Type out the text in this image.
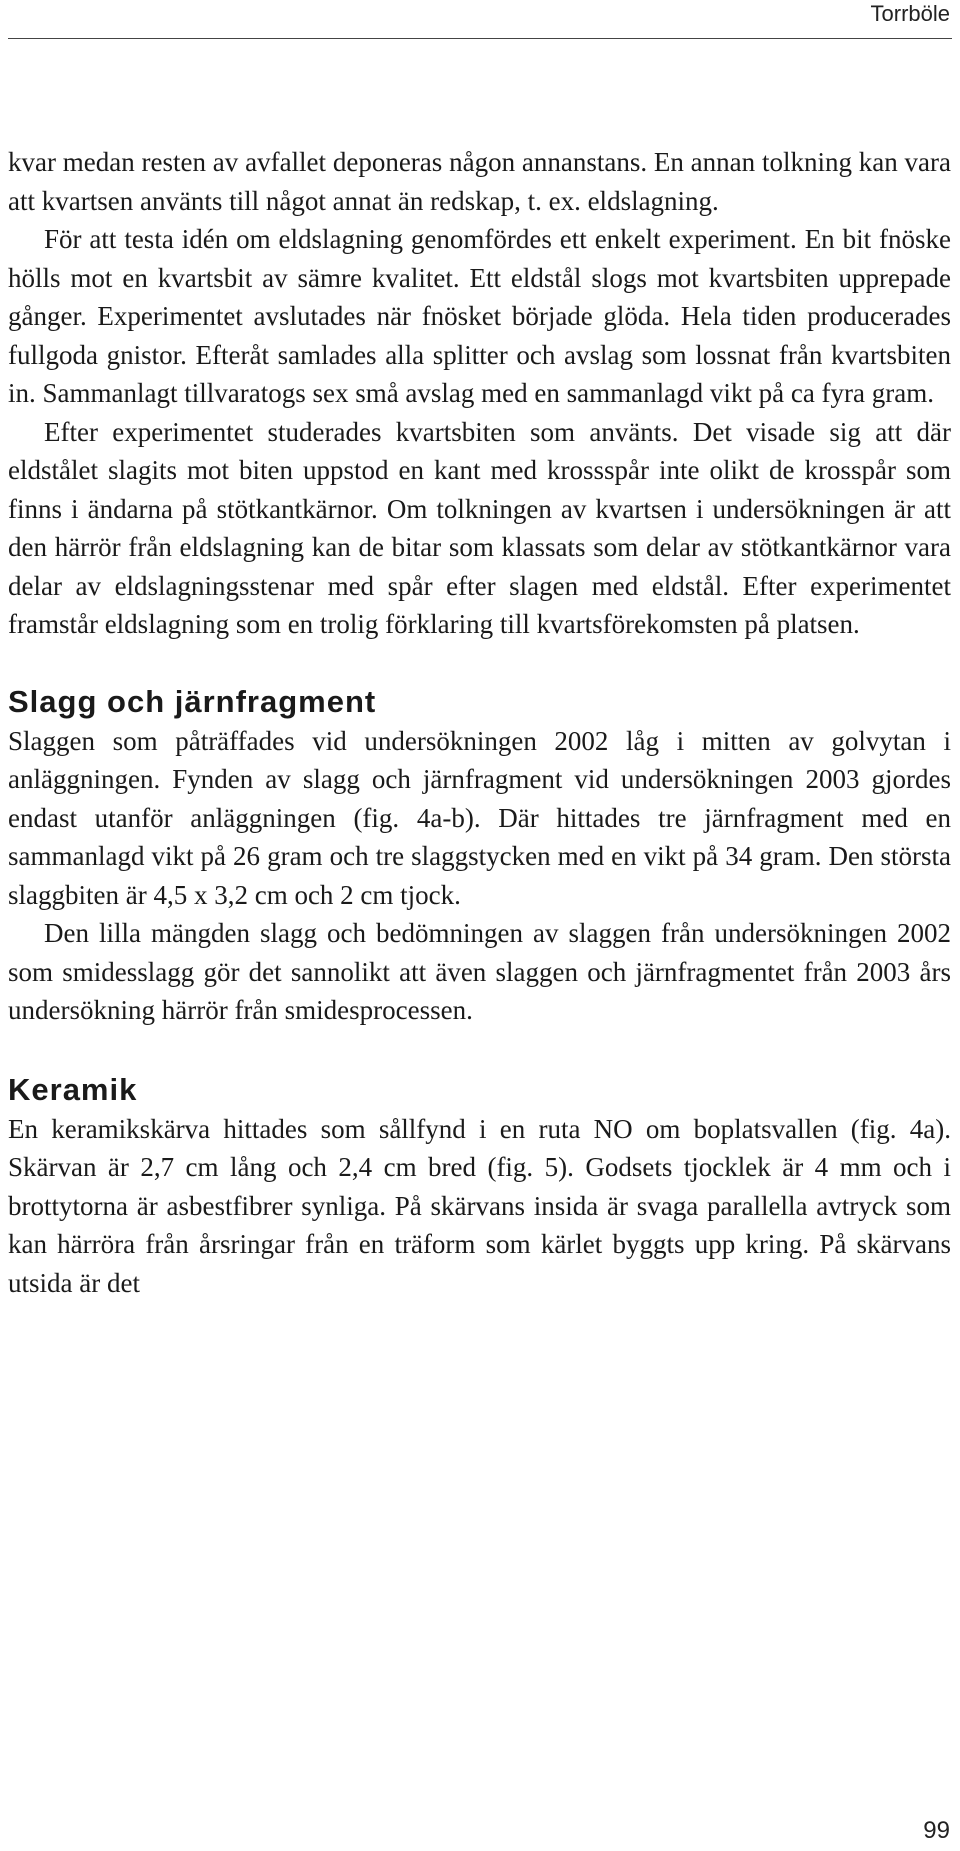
Torrböle

kvar medan resten av avfallet deponeras någon annanstans. En annan tolkning kan vara att kvartsen använts till något annat än redskap, t. ex. eldslagning.

För att testa idén om eldslagning genomfördes ett enkelt experiment. En bit fnöske hölls mot en kvartsbit av sämre kvalitet. Ett eldstål slogs mot kvartsbiten upprepade gånger. Experimentet avslutades när fnösket började glöda. Hela tiden producerades fullgoda gnistor. Efteråt samlades alla splitter och avslag som lossnat från kvartsbiten in. Sammanlagt tillvaratogs sex små avslag med en sammanlagd vikt på ca fyra gram.

Efter experimentet studerades kvartsbiten som använts. Det visade sig att där eldstålet slagits mot biten uppstod en kant med krossspår inte olikt de krosspår som finns i ändarna på stötkantkärnor. Om tolkningen av kvartsen i undersökningen är att den härrör från eldslagning kan de bitar som klassats som delar av stötkantkärnor vara delar av eldslagningsstenar med spår efter slagen med eldstål. Efter experimentet framstår eldslagning som en trolig förklaring till kvartsförekomsten på platsen.

Slagg och järnfragment

Slaggen som påträffades vid undersökningen 2002 låg i mitten av golvytan i anläggningen. Fynden av slagg och järnfragment vid undersökningen 2003 gjordes endast utanför anläggningen (fig. 4a-b). Där hittades tre järnfragment med en sammanlagd vikt på 26 gram och tre slaggstycken med en vikt på 34 gram. Den största slaggbiten är 4,5 x 3,2 cm och 2 cm tjock.

Den lilla mängden slagg och bedömningen av slaggen från undersökningen 2002 som smidesslagg gör det sannolikt att även slaggen och järnfragmentet från 2003 års undersökning härrör från smidesprocessen.

Keramik

En keramikskärva hittades som sållfynd i en ruta NO om boplatsvallen (fig. 4a). Skärvan är 2,7 cm lång och 2,4 cm bred (fig. 5). Godsets tjocklek är 4 mm och i brottytorna är asbestfibrer synliga. På skärvans insida är svaga parallella avtryck som kan härröra från årsringar från en träform som kärlet byggts upp kring. På skärvans utsida är det

99
